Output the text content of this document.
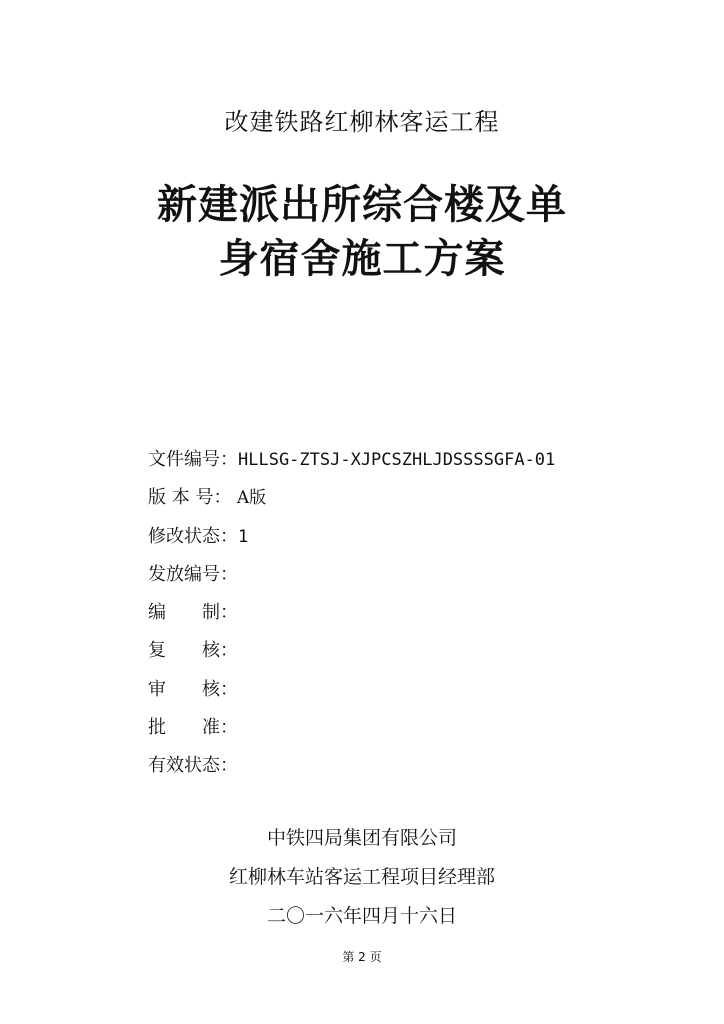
改建铁路红柳林客运工程
新建派出所综合楼及单
身宿舍施工方案
文件编号：HLLSG-ZTSJ-XJPCSZHLJDSSSSGFA-01
版 本 号： A版
修改状态：1
发放编号：
编　　制：
复　　核：
审　　核：
批　　准：
有效状态：
中铁四局集团有限公司
红柳林车站客运工程项目经理部
二〇一六年四月十六日
第 2 页
